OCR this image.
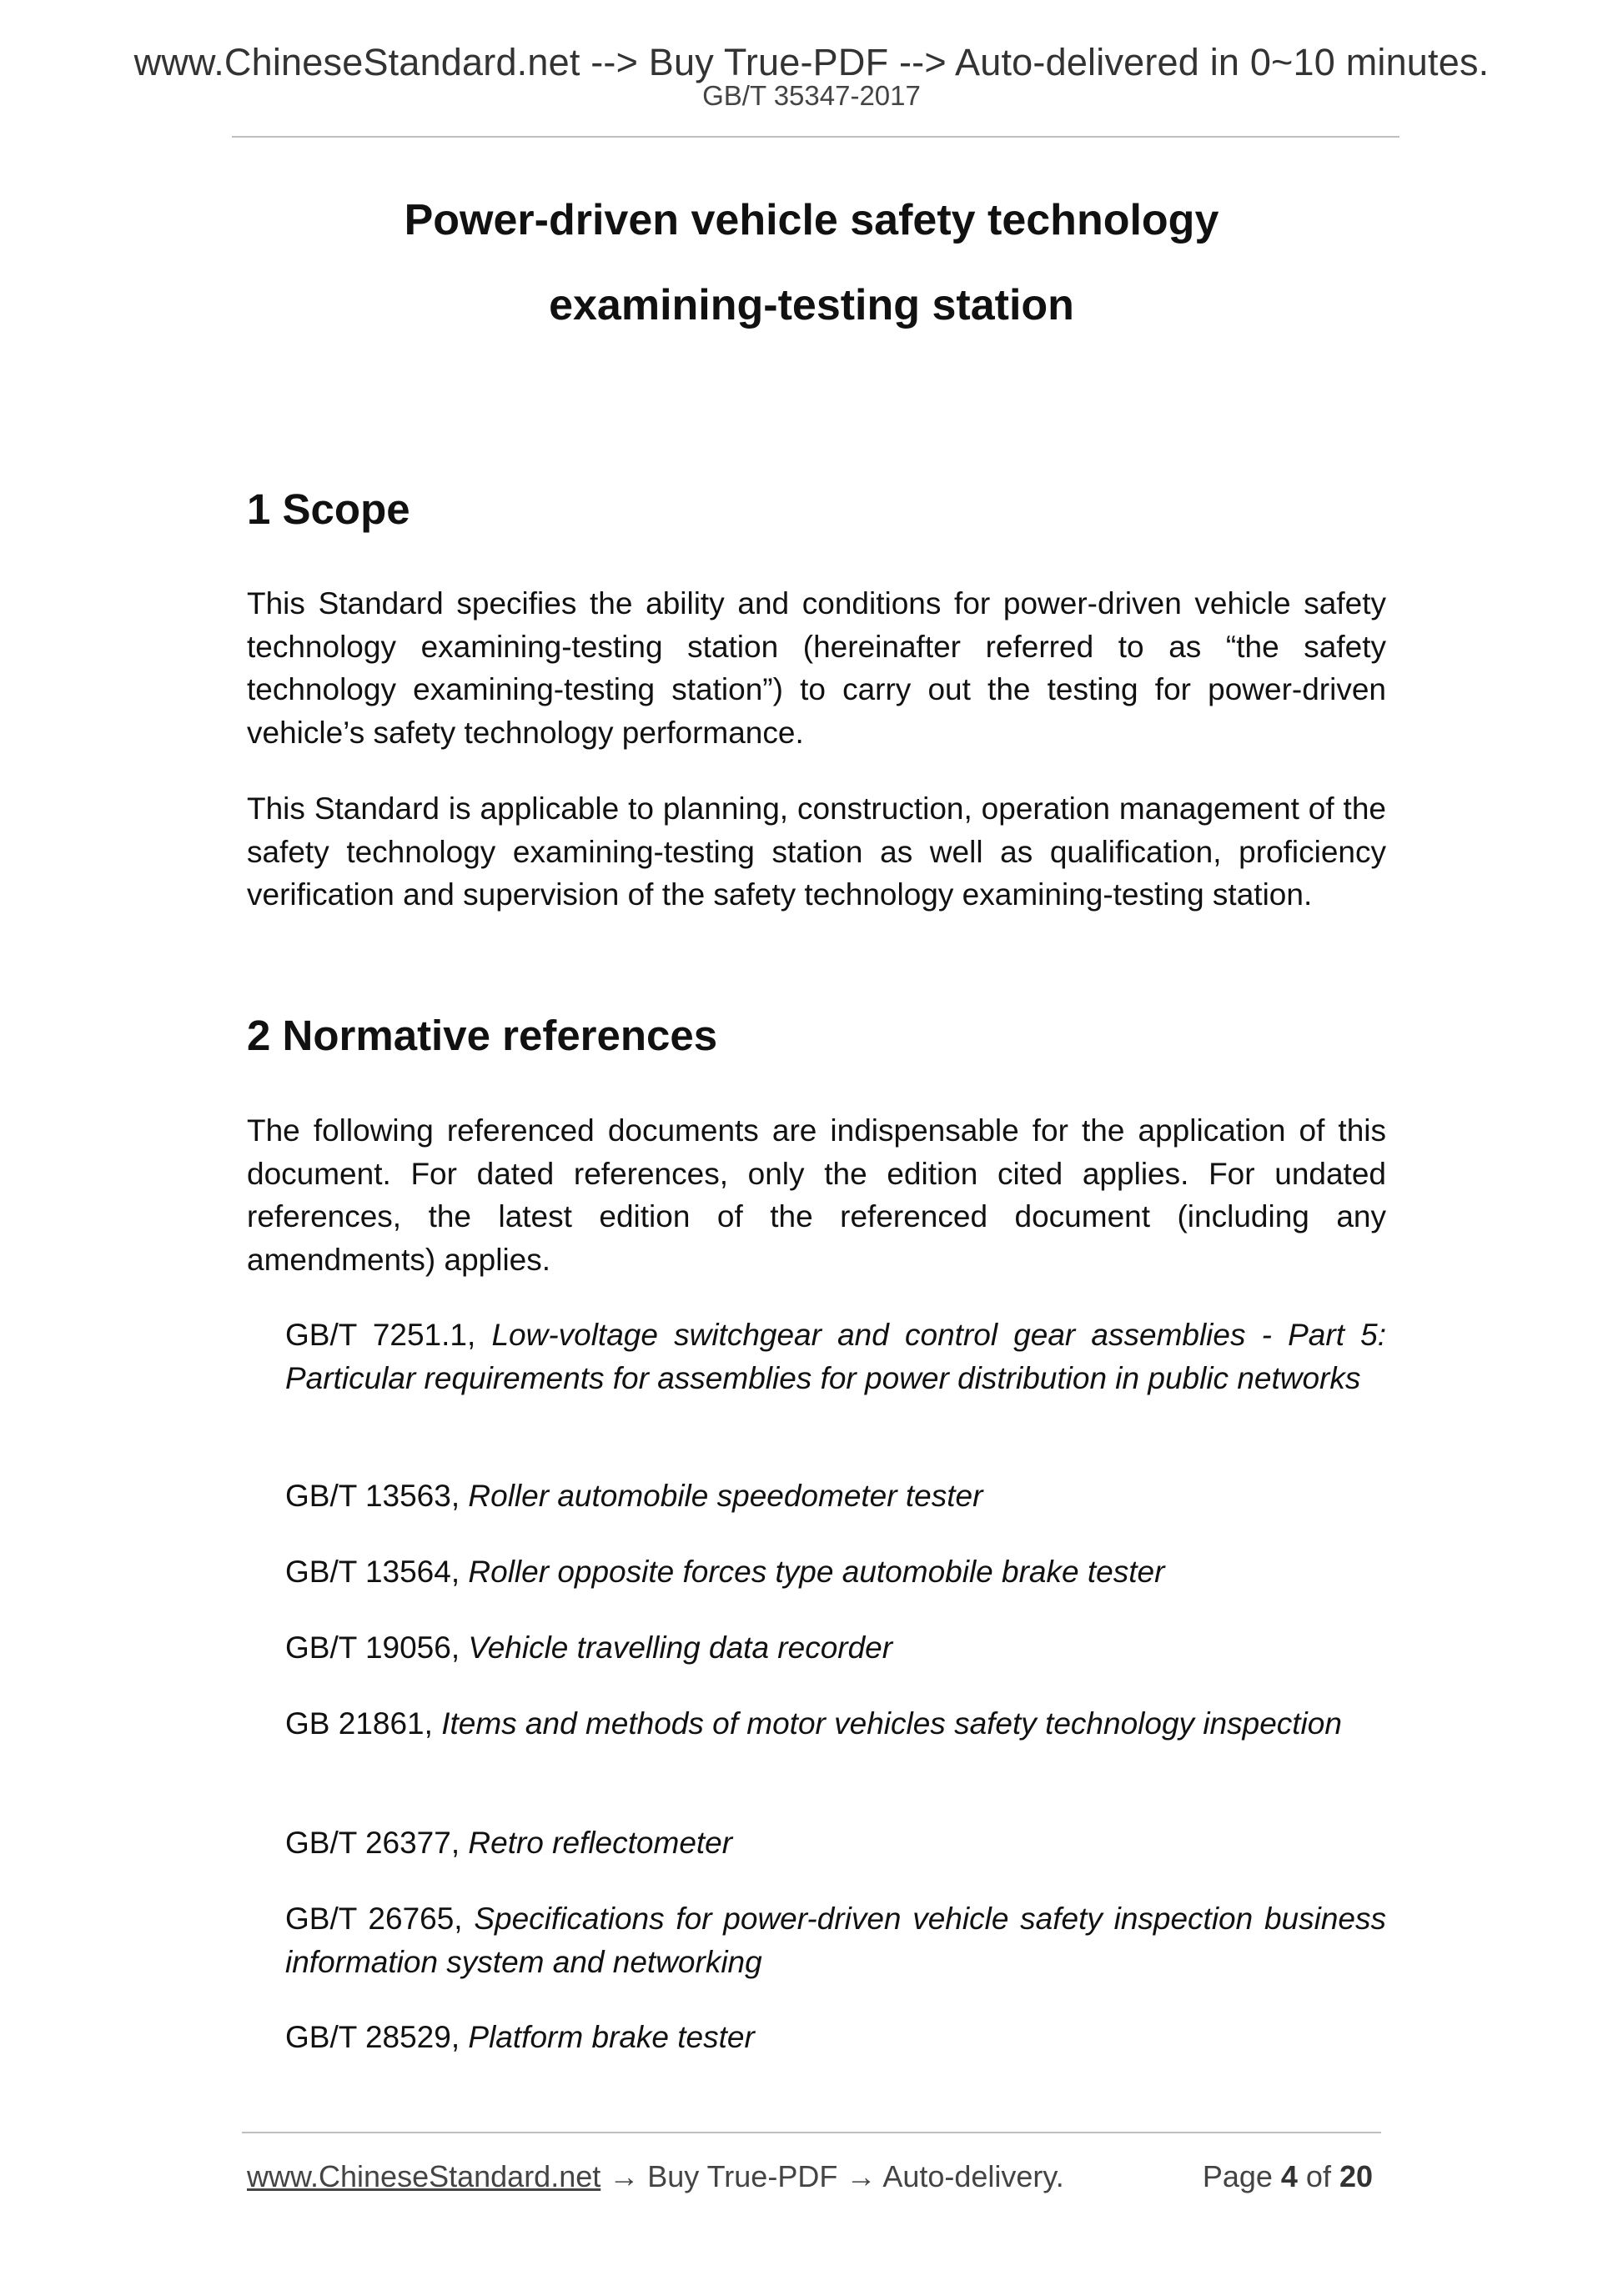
www.ChineseStandard.net --> Buy True-PDF --> Auto-delivered in 0~10 minutes.
GB/T 35347-2017
Power-driven vehicle safety technology
examining-testing station
1 Scope

This Standard specifies the ability and conditions for power-driven vehicle safety technology examining-testing station (hereinafter referred to as “the safety technology examining-testing station”) to carry out the testing for power-driven vehicle’s safety technology performance.

This Standard is applicable to planning, construction, operation management of the safety technology examining-testing station as well as qualification, proficiency verification and supervision of the safety technology examining-testing station.

2 Normative references

The following referenced documents are indispensable for the application of this document. For dated references, only the edition cited applies. For undated references, the latest edition of the referenced document (including any amendments) applies.

GB/T 7251.1, Low-voltage switchgear and control gear assemblies - Part 5: Particular requirements for assemblies for power distribution in public networks

GB/T 13563, Roller automobile speedometer tester

GB/T 13564, Roller opposite forces type automobile brake tester

GB/T 19056, Vehicle travelling data recorder

GB 21861, Items and methods of motor vehicles safety technology inspection

GB/T 26377, Retro reflectometer

GB/T 26765, Specifications for power-driven vehicle safety inspection business information system and networking

GB/T 28529, Platform brake tester

www.ChineseStandard.net → Buy True-PDF → Auto-delivery.	Page 4 of 20
